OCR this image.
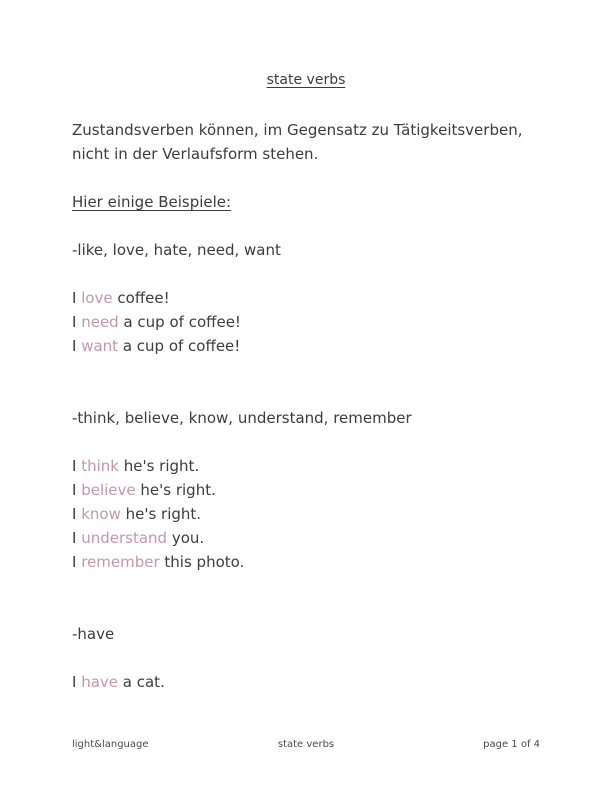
state verbs
Zustandsverben können, im Gegensatz zu Tätigkeitsverben,
nicht in der Verlaufsform stehen.
Hier einige Beispiele:
-like, love, hate, need, want
I love coffee!
I need a cup of coffee!
I want a cup of coffee!
-think, believe, know, understand, remember
I think he's right.
I believe he's right.
I know he's right.
I understand you.
I remember this photo.
-have
I have a cat.
light&language	state verbs	page 1 of 4
